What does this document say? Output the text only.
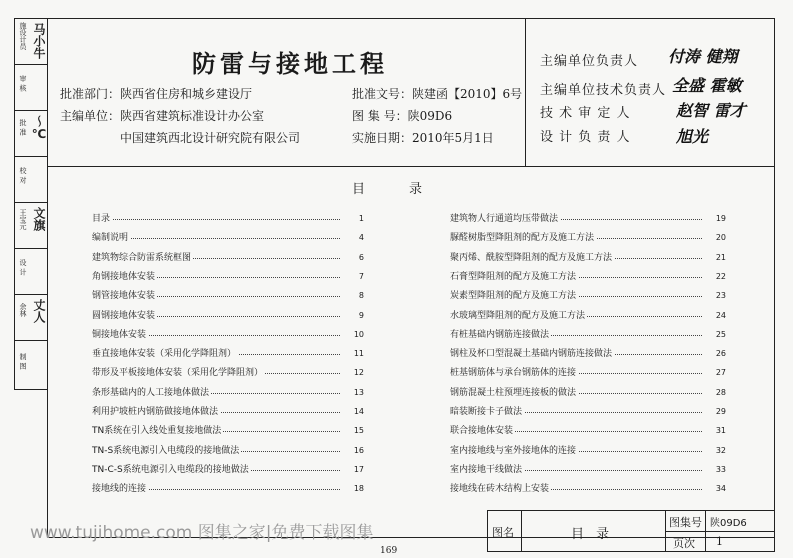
施设计员 马小牛
审 核
批 准 ～℃
校 对
王宝元 文旗
设 计
余林 丈人
制 图
防雷与接地工程
批准部门：陕西省住房和城乡建设厅
主编单位：陕西省建筑标准设计办公室
中国建筑西北设计研究院有限公司
批准文号：陕建函【2010】6号
图 集 号：陕09D6
实施日期：2010年5月1日
主编单位负责人
主编单位技术负责人
技 术 审 定 人
设 计 负 责 人
付涛 健翔
全盛 霍敏
赵智 雷才
旭光
目录
目录	1
编制说明	4
建筑物综合防雷系统框图	6
角钢接地体安装	7
钢管接地体安装	8
圆钢接地体安装	9
铜接地体安装	10
垂直接地体安装（采用化学降阻剂）	11
带形及平板接地体安装（采用化学降阻剂）	12
条形基础内的人工接地体做法	13
利用护坡桩内钢筋做接地体做法	14
TN系统在引入线处重复接地做法	15
TN-S系统电源引入电缆段的接地做法	16
TN-C-S系统电源引入电缆段的接地做法	17
接地线的连接	18
建筑物人行通道均压带做法	19
脲醛树脂型降阻剂的配方及施工方法	20
聚丙烯、酰胺型降阻剂的配方及施工方法	21
石膏型降阻剂的配方及施工方法	22
炭素型降阻剂的配方及施工方法	23
水玻璃型降阻剂的配方及施工方法	24
有桩基础内钢筋连接做法	25
钢柱及杯口型混凝土基础内钢筋连接做法	26
桩基钢筋体与承台钢筋体的连接	27
钢筋混凝土柱预埋连接板的做法	28
暗装断接卡子做法	29
联合接地体安装	31
室内接地线与室外接地体的连接	32
室内接地干线做法	33
接地线在砖木结构上安装	34
图名	目 录
图集号 陕09D6
页次 1
www.tujihome.com 图集之家|免费下载图集
169
